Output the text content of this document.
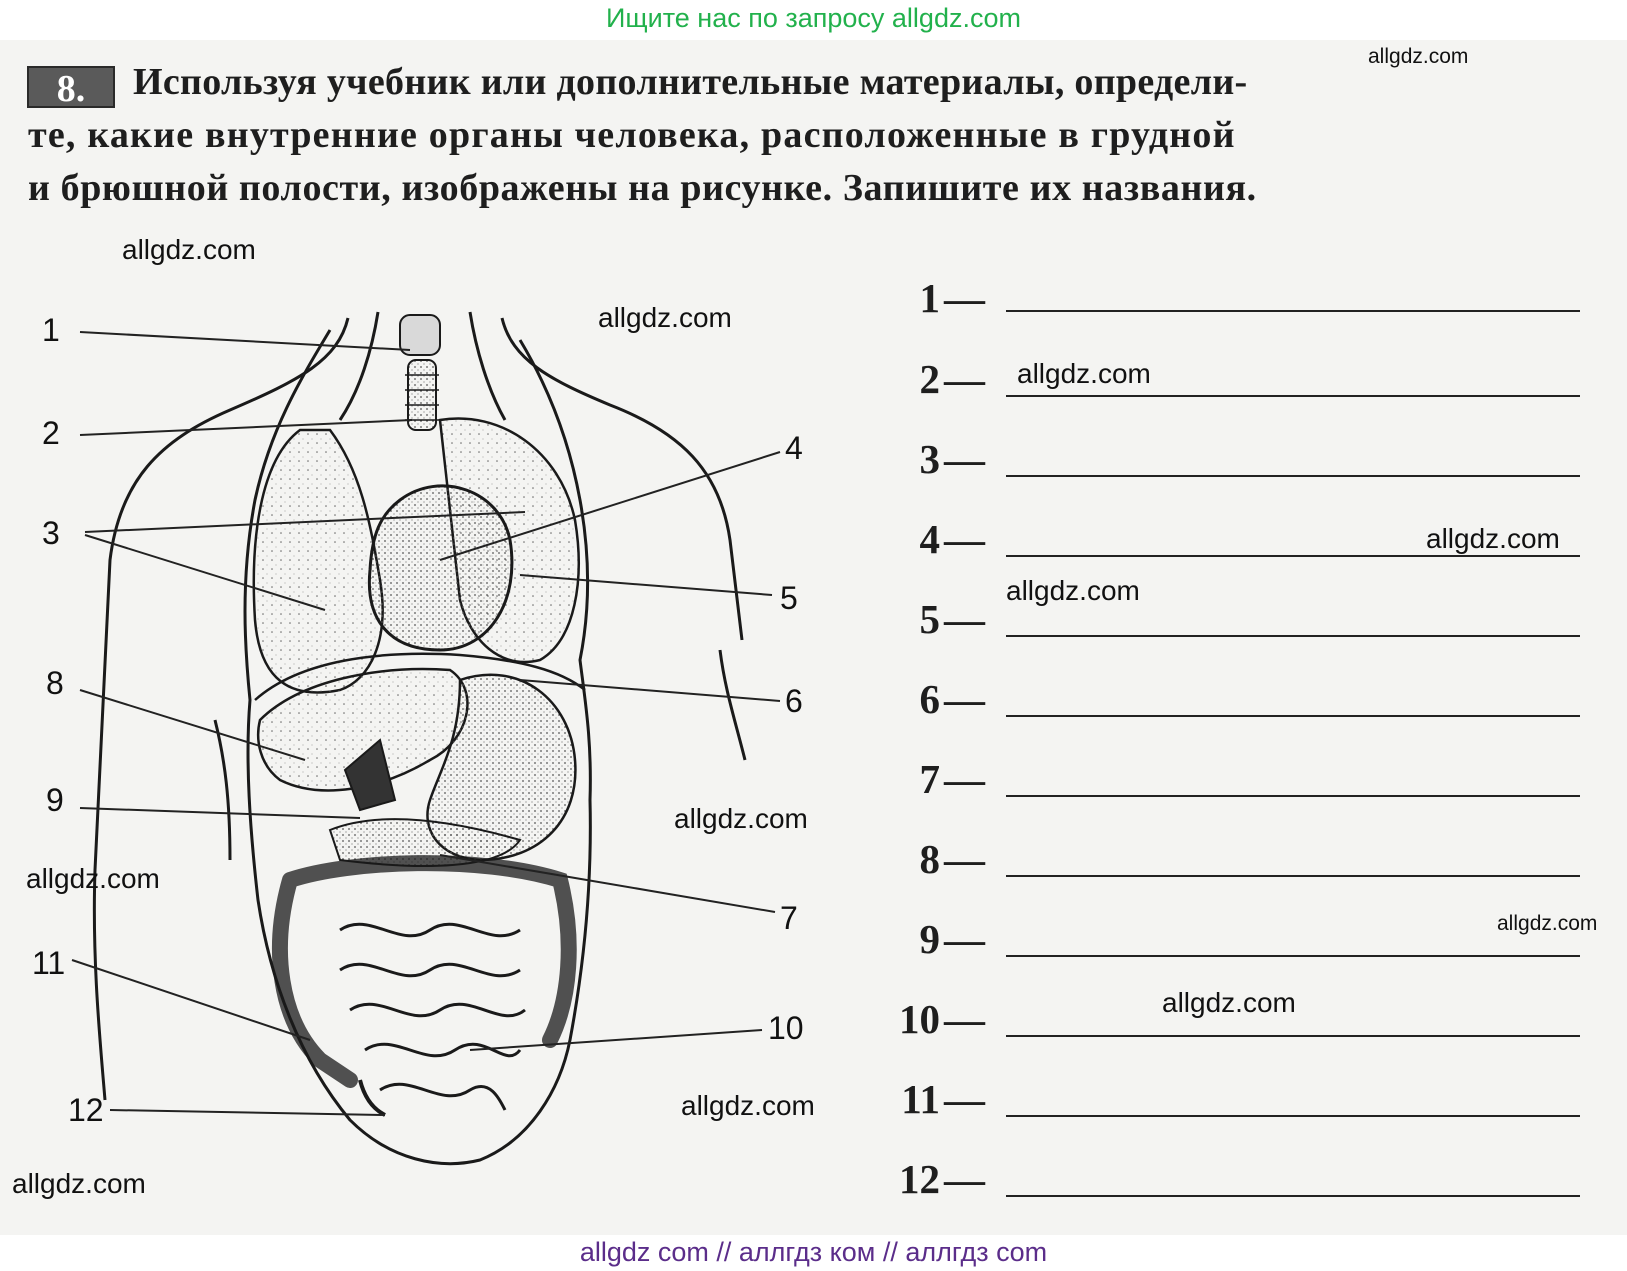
Ищите нас по запросу allgdz.com
8.	Используя учебник или дополнительные материалы, определи-
те, какие внутренние органы человека, расположенные в грудной
и брюшной полости, изображены на рисунке. Запишите их названия.
1
2
3
4
5
6
7
8
9
10
11
12
1 —
2 —
3 —
4 —
5 —
6 —
7 —
8 —
9 —
10 —
11 —
12 —
allgdz.com
allgdz.com
allgdz.com
allgdz.com
allgdz.com
allgdz.com
allgdz.com
allgdz.com
allgdz.com
allgdz.com
allgdz.com
allgdz.com
allgdz com // аллгдз ком // аллгдз com
